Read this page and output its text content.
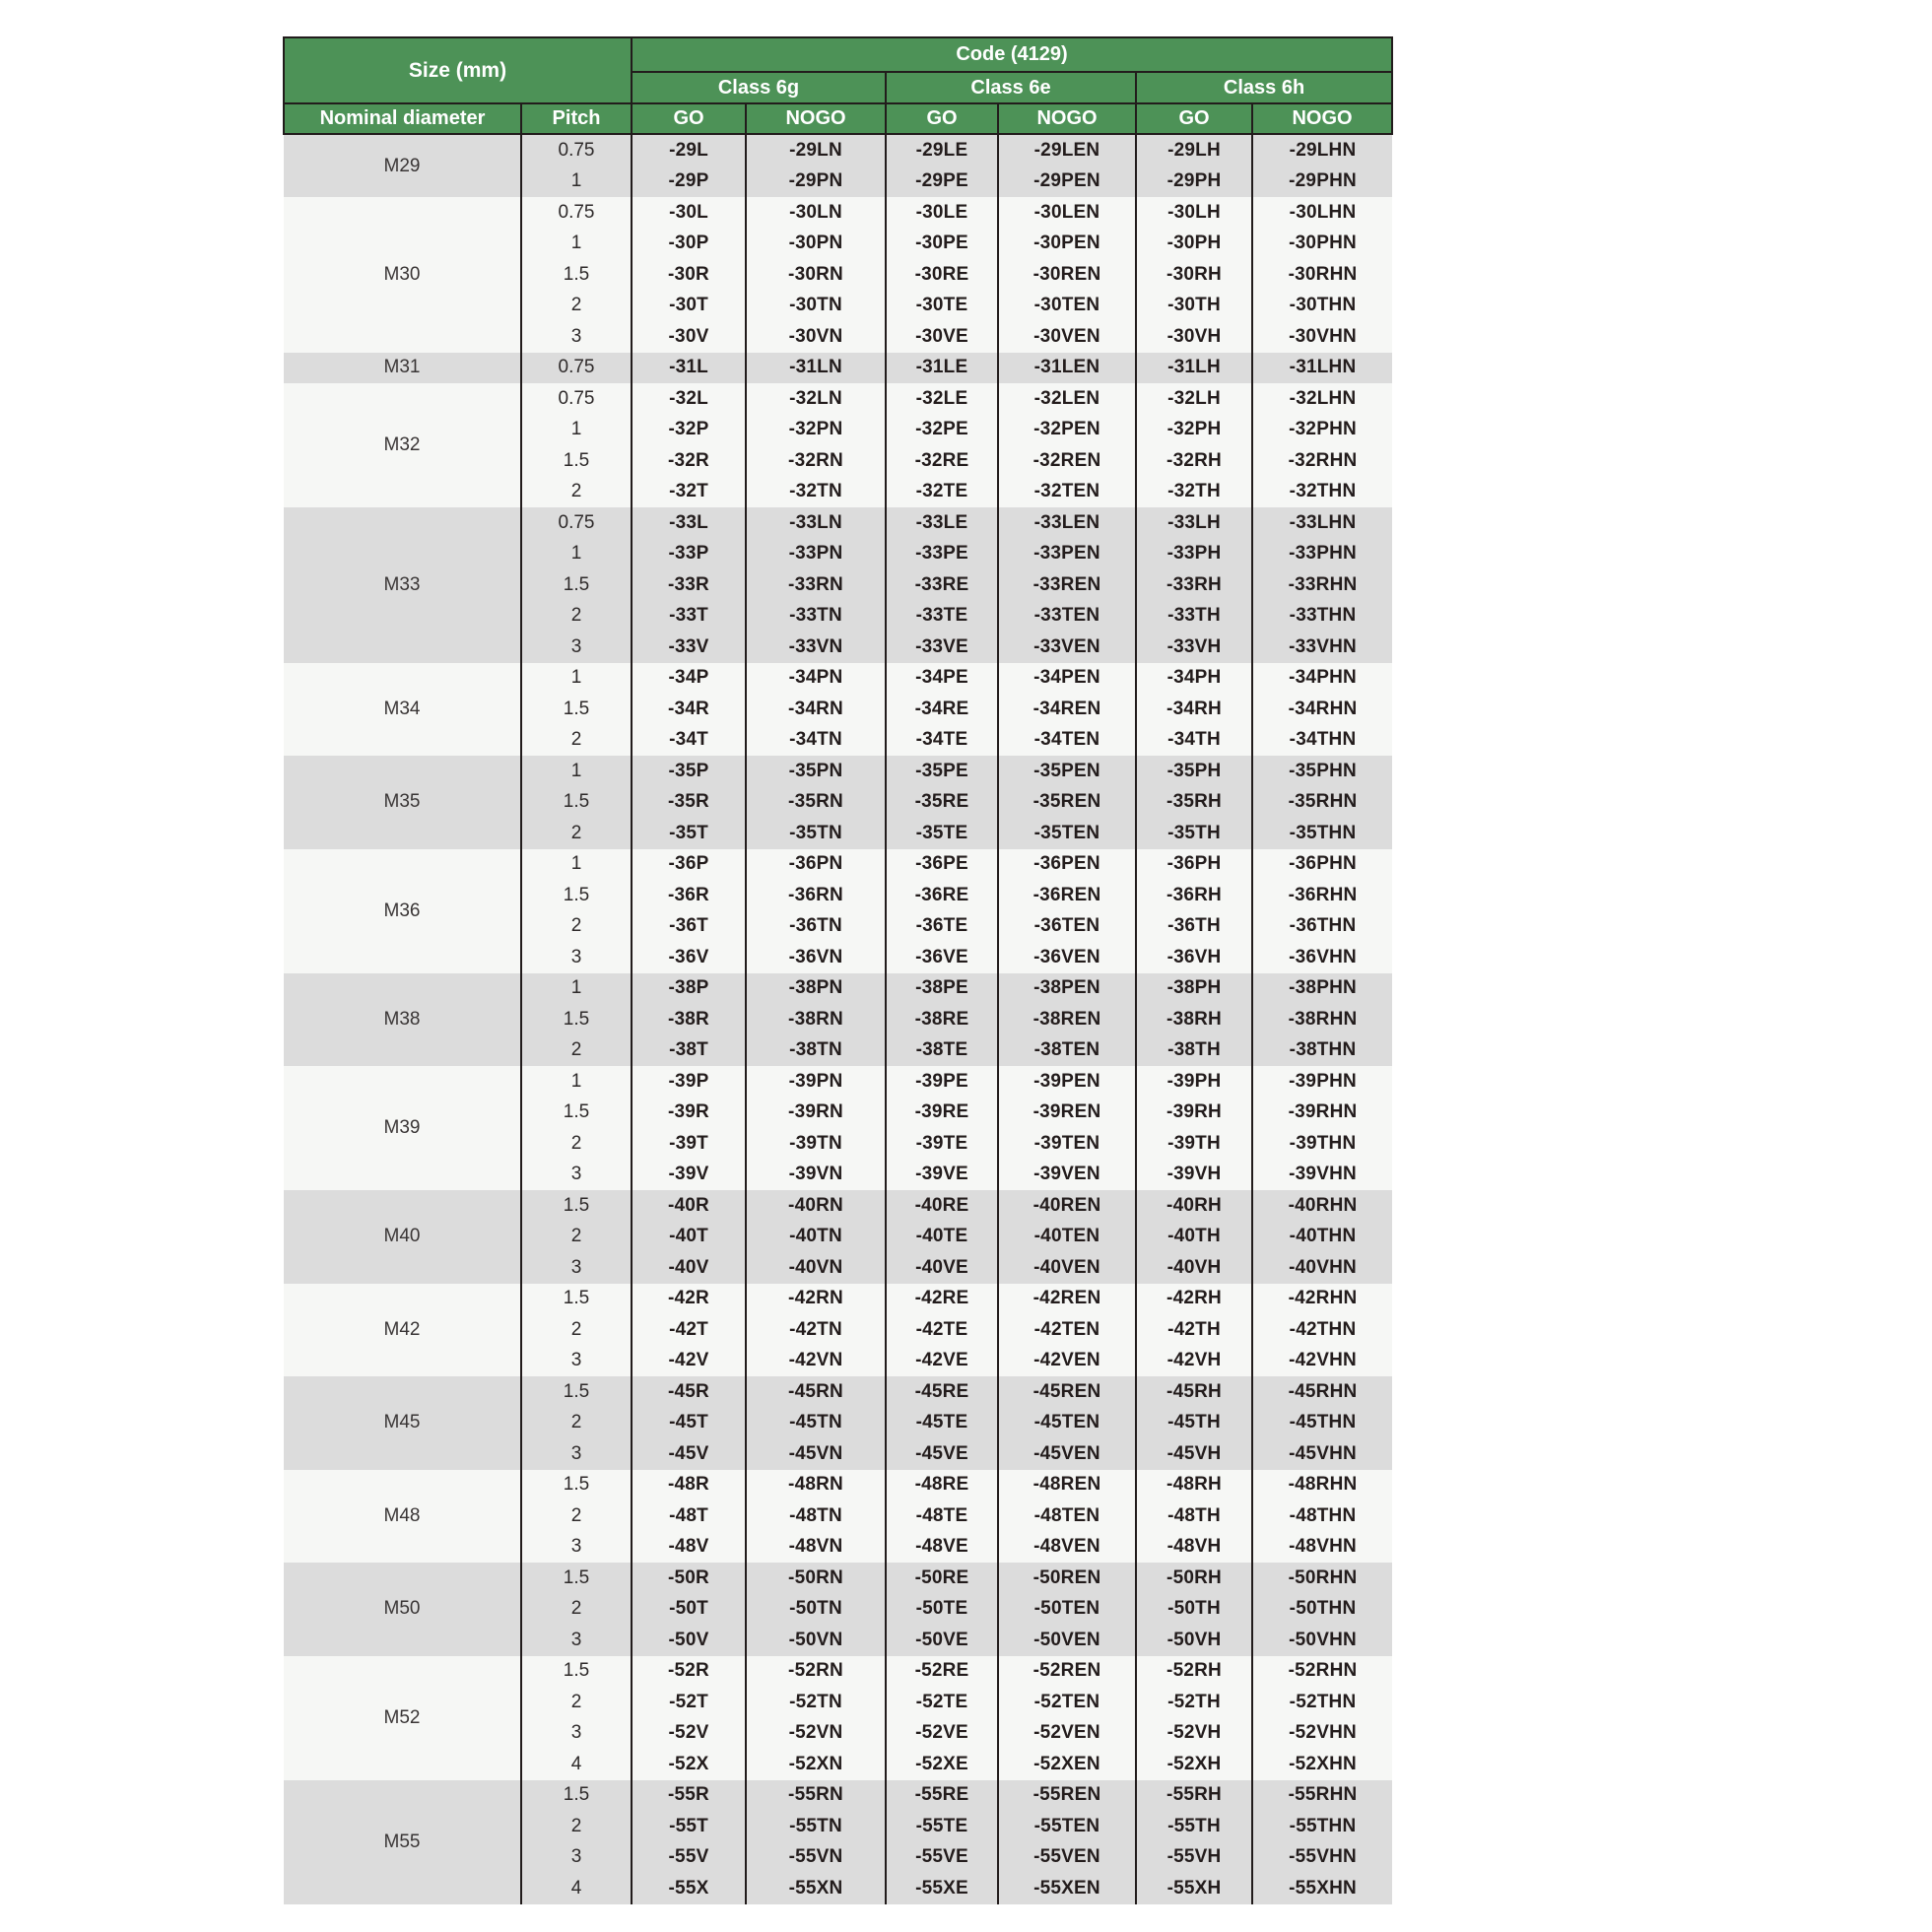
Size (mm)		Code (4129)					
		Class 6g		Class 6e		Class 6h	
Nominal diameter	Pitch	GO	NOGO	GO	NOGO	GO	NOGO
M29	0.75	-29L	-29LN	-29LE	-29LEN	-29LH	-29LHN
	1	-29P	-29PN	-29PE	-29PEN	-29PH	-29PHN
M30	0.75	-30L	-30LN	-30LE	-30LEN	-30LH	-30LHN
	1	-30P	-30PN	-30PE	-30PEN	-30PH	-30PHN
	1.5	-30R	-30RN	-30RE	-30REN	-30RH	-30RHN
	2	-30T	-30TN	-30TE	-30TEN	-30TH	-30THN
	3	-30V	-30VN	-30VE	-30VEN	-30VH	-30VHN
M31	0.75	-31L	-31LN	-31LE	-31LEN	-31LH	-31LHN
M32	0.75	-32L	-32LN	-32LE	-32LEN	-32LH	-32LHN
	1	-32P	-32PN	-32PE	-32PEN	-32PH	-32PHN
	1.5	-32R	-32RN	-32RE	-32REN	-32RH	-32RHN
	2	-32T	-32TN	-32TE	-32TEN	-32TH	-32THN
M33	0.75	-33L	-33LN	-33LE	-33LEN	-33LH	-33LHN
	1	-33P	-33PN	-33PE	-33PEN	-33PH	-33PHN
	1.5	-33R	-33RN	-33RE	-33REN	-33RH	-33RHN
	2	-33T	-33TN	-33TE	-33TEN	-33TH	-33THN
	3	-33V	-33VN	-33VE	-33VEN	-33VH	-33VHN
M34	1	-34P	-34PN	-34PE	-34PEN	-34PH	-34PHN
	1.5	-34R	-34RN	-34RE	-34REN	-34RH	-34RHN
	2	-34T	-34TN	-34TE	-34TEN	-34TH	-34THN
M35	1	-35P	-35PN	-35PE	-35PEN	-35PH	-35PHN
	1.5	-35R	-35RN	-35RE	-35REN	-35RH	-35RHN
	2	-35T	-35TN	-35TE	-35TEN	-35TH	-35THN
M36	1	-36P	-36PN	-36PE	-36PEN	-36PH	-36PHN
	1.5	-36R	-36RN	-36RE	-36REN	-36RH	-36RHN
	2	-36T	-36TN	-36TE	-36TEN	-36TH	-36THN
	3	-36V	-36VN	-36VE	-36VEN	-36VH	-36VHN
M38	1	-38P	-38PN	-38PE	-38PEN	-38PH	-38PHN
	1.5	-38R	-38RN	-38RE	-38REN	-38RH	-38RHN
	2	-38T	-38TN	-38TE	-38TEN	-38TH	-38THN
M39	1	-39P	-39PN	-39PE	-39PEN	-39PH	-39PHN
	1.5	-39R	-39RN	-39RE	-39REN	-39RH	-39RHN
	2	-39T	-39TN	-39TE	-39TEN	-39TH	-39THN
	3	-39V	-39VN	-39VE	-39VEN	-39VH	-39VHN
M40	1.5	-40R	-40RN	-40RE	-40REN	-40RH	-40RHN
	2	-40T	-40TN	-40TE	-40TEN	-40TH	-40THN
	3	-40V	-40VN	-40VE	-40VEN	-40VH	-40VHN
M42	1.5	-42R	-42RN	-42RE	-42REN	-42RH	-42RHN
	2	-42T	-42TN	-42TE	-42TEN	-42TH	-42THN
	3	-42V	-42VN	-42VE	-42VEN	-42VH	-42VHN
M45	1.5	-45R	-45RN	-45RE	-45REN	-45RH	-45RHN
	2	-45T	-45TN	-45TE	-45TEN	-45TH	-45THN
	3	-45V	-45VN	-45VE	-45VEN	-45VH	-45VHN
M48	1.5	-48R	-48RN	-48RE	-48REN	-48RH	-48RHN
	2	-48T	-48TN	-48TE	-48TEN	-48TH	-48THN
	3	-48V	-48VN	-48VE	-48VEN	-48VH	-48VHN
M50	1.5	-50R	-50RN	-50RE	-50REN	-50RH	-50RHN
	2	-50T	-50TN	-50TE	-50TEN	-50TH	-50THN
	3	-50V	-50VN	-50VE	-50VEN	-50VH	-50VHN
M52	1.5	-52R	-52RN	-52RE	-52REN	-52RH	-52RHN
	2	-52T	-52TN	-52TE	-52TEN	-52TH	-52THN
	3	-52V	-52VN	-52VE	-52VEN	-52VH	-52VHN
	4	-52X	-52XN	-52XE	-52XEN	-52XH	-52XHN
M55	1.5	-55R	-55RN	-55RE	-55REN	-55RH	-55RHN
	2	-55T	-55TN	-55TE	-55TEN	-55TH	-55THN
	3	-55V	-55VN	-55VE	-55VEN	-55VH	-55VHN
	4	-55X	-55XN	-55XE	-55XEN	-55XH	-55XHN
